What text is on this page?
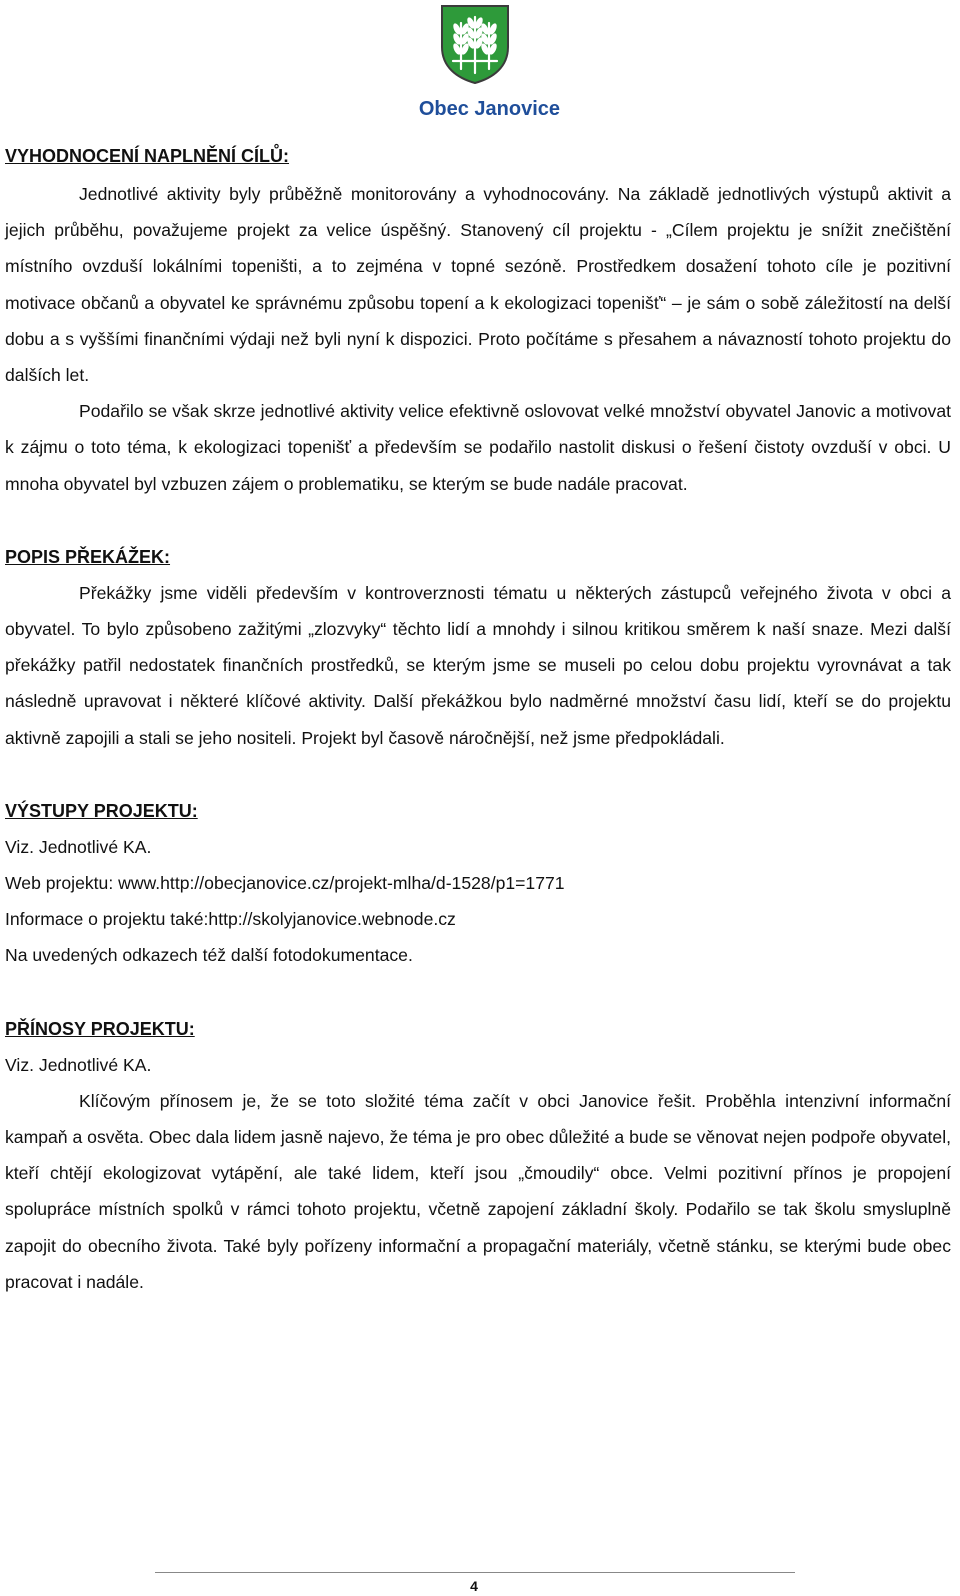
Obec Janovice
VYHODNOCENÍ NAPLNĚNÍ CÍLŮ:

Jednotlivé aktivity byly průběžně monitorovány a vyhodnocovány. Na základě jednotlivých výstupů aktivit a jejich průběhu, považujeme projekt za velice úspěšný. Stanovený cíl projektu - „Cílem projektu je snížit znečištění místního ovzduší lokálními topeništi, a to zejména v topné sezóně. Prostředkem dosažení tohoto cíle je pozitivní motivace občanů a obyvatel ke správnému způsobu topení a k ekologizaci topenišť“ – je sám o sobě záležitostí na delší dobu a s vyššími finančními výdaji než byli nyní k dispozici. Proto počítáme s přesahem a návazností tohoto projektu do dalších let.

Podařilo se však skrze jednotlivé aktivity velice efektivně oslovovat velké množství obyvatel Janovic a motivovat k zájmu o toto téma, k ekologizaci topenišť a především se podařilo nastolit diskusi o řešení čistoty ovzduší v obci. U mnoha obyvatel byl vzbuzen zájem o problematiku, se kterým se bude nadále pracovat.

POPIS PŘEKÁŽEK:

Překážky jsme viděli především v kontroverznosti tématu u některých zástupců veřejného života v obci a obyvatel. To bylo způsobeno zažitými „zlozvyky“ těchto lidí a mnohdy i silnou kritikou směrem k naší snaze. Mezi další překážky patřil nedostatek finančních prostředků, se kterým jsme se museli po celou dobu projektu vyrovnávat a tak následně upravovat i některé klíčové aktivity. Další překážkou bylo nadměrné množství času lidí, kteří se do projektu aktivně zapojili a stali se jeho nositeli. Projekt byl časově náročnější, než jsme předpokládali.

VÝSTUPY PROJEKTU:

Viz. Jednotlivé KA.

Web projektu: www.http://obecjanovice.cz/projekt-mlha/d-1528/p1=1771

Informace o projektu také:http://skolyjanovice.webnode.cz

Na uvedených odkazech též další fotodokumentace.

PŘÍNOSY PROJEKTU:

Viz. Jednotlivé KA.

Klíčovým přínosem je, že se toto složité téma začít v obci Janovice řešit. Proběhla intenzivní informační kampaň a osvěta. Obec dala lidem jasně najevo, že téma je pro obec důležité a bude se věnovat nejen podpoře obyvatel, kteří chtějí ekologizovat vytápění, ale také lidem, kteří jsou „čmoudily“ obce. Velmi pozitivní přínos je propojení spolupráce místních spolků v rámci tohoto projektu, včetně zapojení základní školy. Podařilo se tak školu smysluplně zapojit do obecního života. Také byly pořízeny informační a propagační materiály, včetně stánku, se kterými bude obec pracovat i nadále.

4
